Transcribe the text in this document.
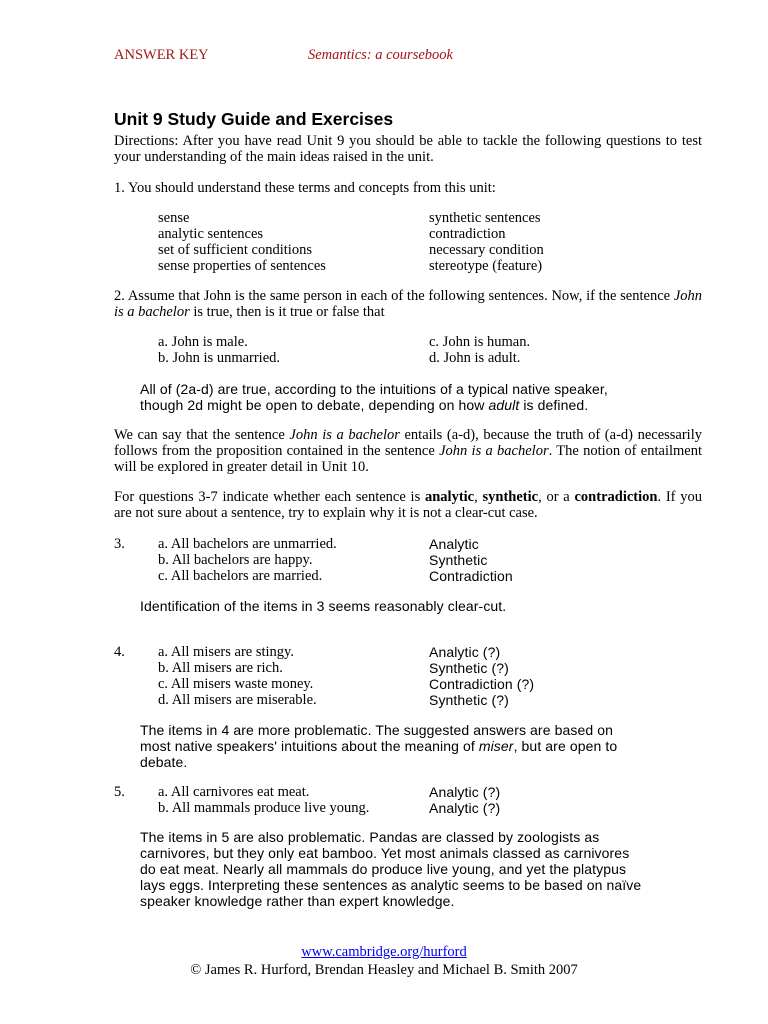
ANSWER KEY	Semantics: a coursebook
Unit 9 Study Guide and Exercises
Directions: After you have read Unit 9 you should be able to tackle the following questions to test your understanding of the main ideas raised in the unit.
1. You should understand these terms and concepts from this unit:
sense
analytic sentences
set of sufficient conditions
sense properties of sentences
synthetic sentences
contradiction
necessary condition
stereotype (feature)
2. Assume that John is the same person in each of the following sentences. Now, if the sentence John is a bachelor is true, then is it true or false that
a. John is male.
b. John is unmarried.
c. John is human.
d. John is adult.
All of (2a-d) are true, according to the intuitions of a typical native speaker,
though 2d might be open to debate, depending on how adult is defined.
We can say that the sentence John is a bachelor entails (a-d), because the truth of (a-d) necessarily follows from the proposition contained in the sentence John is a bachelor. The notion of entailment will be explored in greater detail in Unit 10.
For questions 3-7 indicate whether each sentence is analytic, synthetic, or a contradiction. If you are not sure about a sentence, try to explain why it is not a clear-cut case.
3. a. All bachelors are unmarried.
b. All bachelors are happy.
c. All bachelors are married.
Analytic
Synthetic
Contradiction
Identification of the items in 3 seems reasonably clear-cut.
4. a. All misers are stingy.
b. All misers are rich.
c. All misers waste money.
d. All misers are miserable.
Analytic (?)
Synthetic (?)
Contradiction (?)
Synthetic (?)
The items in 4 are more problematic. The suggested answers are based on
most native speakers' intuitions about the meaning of miser, but are open to
debate.
5. a. All carnivores eat meat.
b. All mammals produce live young.
Analytic (?)
Analytic (?)
The items in 5 are also problematic. Pandas are classed by zoologists as
carnivores, but they only eat bamboo. Yet most animals classed as carnivores
do eat meat. Nearly all mammals do produce live young, and yet the platypus
lays eggs. Interpreting these sentences as analytic seems to be based on naïve
speaker knowledge rather than expert knowledge.
www.cambridge.org/hurford
© James R. Hurford, Brendan Heasley and Michael B. Smith 2007
